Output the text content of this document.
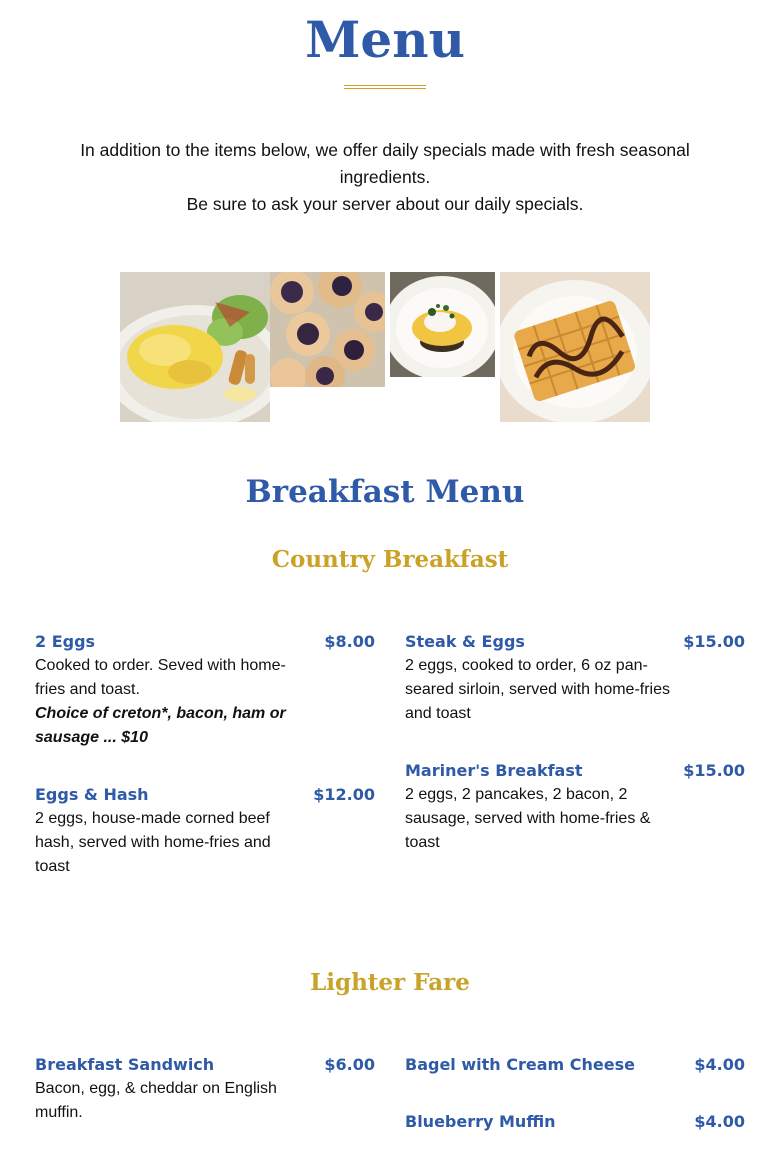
Menu

In addition to the items below, we offer daily specials made with fresh seasonal ingredients.

Be sure to ask your server about our daily specials.

Breakfast Menu
Country Breakfast
2 Eggs	$8.00
Cooked to order. Seved with home-fries and toast.
Choice of creton*, bacon, ham or sausage ... $10
Steak & Eggs	$15.00
2 eggs, cooked to order, 6 oz pan-seared sirloin, served with home-fries and toast
Eggs & Hash	$12.00
2 eggs, house-made corned beef hash, served with home-fries and toast
Mariner's Breakfast	$15.00
2 eggs, 2 pancakes, 2 bacon, 2 sausage, served with home-fries & toast
Lighter Fare
Breakfast Sandwich	$6.00
Bacon, egg, & cheddar on English muffin.
Bagel with Cream Cheese	$4.00
Blueberry Muffin	$4.00
